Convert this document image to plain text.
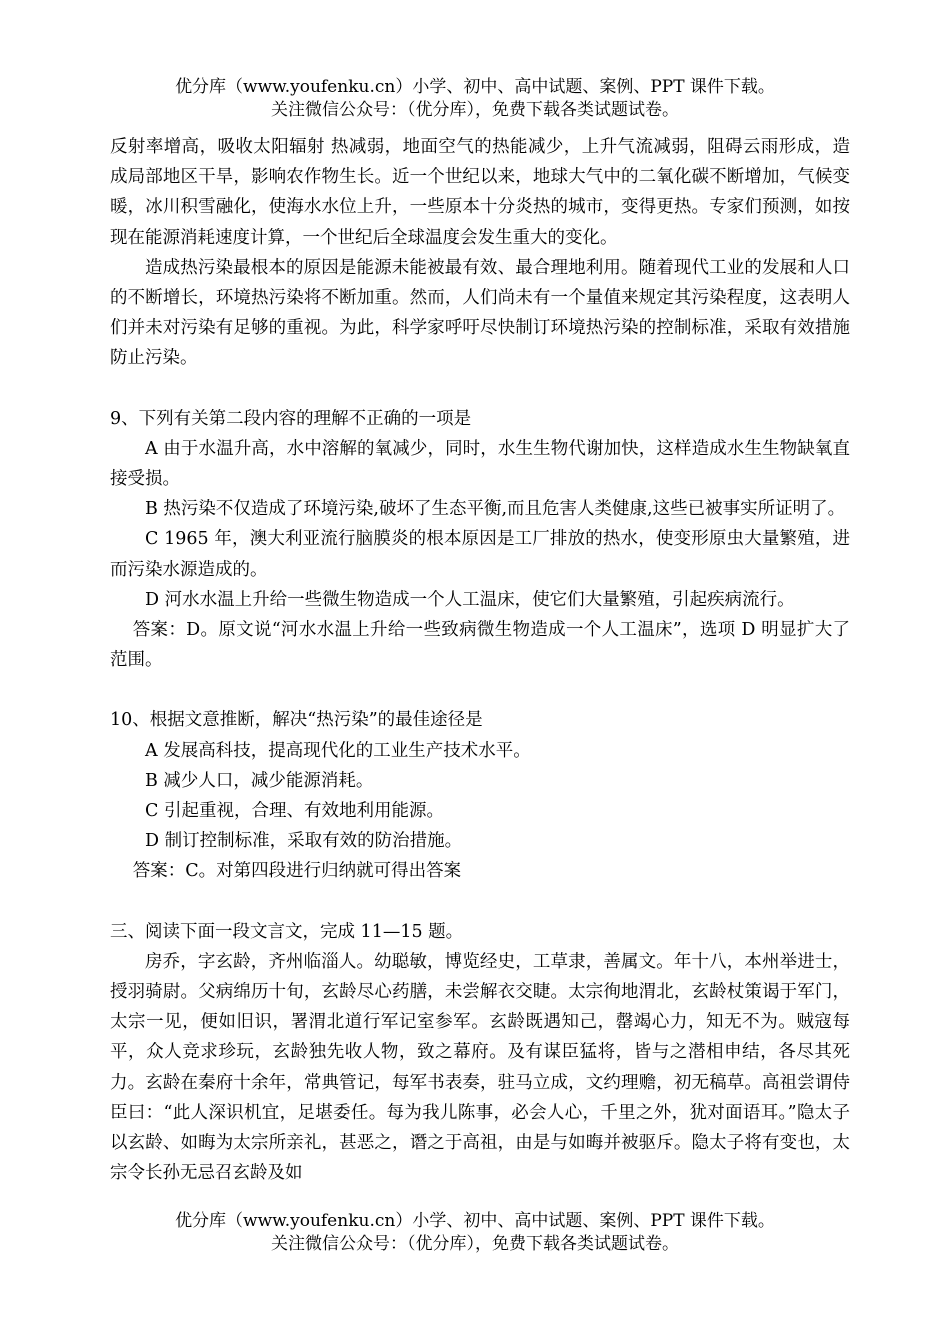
优分库（www.youfenku.cn）小学、初中、高中试题、案例、PPT 课件下载。

关注微信公众号：（优分库），免费下载各类试题试卷。

反射率增高，吸收太阳辐射 热减弱，地面空气的热能减少，上升气流减弱，阻碍云雨形成，造成局部地区干旱，影响农作物生长。近一个世纪以来，地球大气中的二氧化碳不断增加，气候变暖，冰川积雪融化，使海水水位上升，一些原本十分炎热的城市，变得更热。专家们预测，如按现在能源消耗速度计算，一个世纪后全球温度会发生重大的变化。

造成热污染最根本的原因是能源未能被最有效、最合理地利用。随着现代工业的发展和人口的不断增长，环境热污染将不断加重。然而，人们尚未有一个量值来规定其污染程度，这表明人们并未对污染有足够的重视。为此，科学家呼吁尽快制订环境热污染的控制标准，采取有效措施防止污染。

9、下列有关第二段内容的理解不正确的一项是

A 由于水温升高，水中溶解的氧减少，同时，水生生物代谢加快，这样造成水生生物缺氧直接受损。

B 热污染不仅造成了环境污染,破坏了生态平衡,而且危害人类健康,这些已被事实所证明了。

C 1965 年，澳大利亚流行脑膜炎的根本原因是工厂排放的热水，使变形原虫大量繁殖，进而污染水源造成的。

D 河水水温上升给一些微生物造成一个人工温床，使它们大量繁殖，引起疾病流行。

答案：D。原文说“河水水温上升给一些致病微生物造成一个人工温床”，选项 D 明显扩大了范围。

10、根据文意推断，解决“热污染”的最佳途径是

A 发展高科技，提高现代化的工业生产技术水平。

B 减少人口，减少能源消耗。

C 引起重视，合理、有效地利用能源。

D 制订控制标准，采取有效的防治措施。

答案：C。对第四段进行归纳就可得出答案

三、阅读下面一段文言文，完成 11—15 题。

房乔，字玄龄，齐州临淄人。幼聪敏，博览经史，工草隶，善属文。年十八，本州举进士，授羽骑尉。父病绵历十旬，玄龄尽心药膳，未尝解衣交睫。太宗徇地渭北，玄龄杖策谒于军门，太宗一见，便如旧识，署渭北道行军记室参军。玄龄既遇知己，罄竭心力，知无不为。贼寇每平，众人竞求珍玩，玄龄独先收人物，致之幕府。及有谋臣猛将，皆与之潜相申结，各尽其死力。玄龄在秦府十余年，常典管记，每军书表奏，驻马立成，文约理赡，初无稿草。高祖尝谓侍臣曰：“此人深识机宜，足堪委任。每为我儿陈事，必会人心，千里之外，犹对面语耳。”隐太子以玄龄、如晦为太宗所亲礼，甚恶之，谮之于高祖，由是与如晦并被驱斥。隐太子将有变也，太宗令长孙无忌召玄龄及如

优分库（www.youfenku.cn）小学、初中、高中试题、案例、PPT 课件下载。

关注微信公众号：（优分库），免费下载各类试题试卷。
